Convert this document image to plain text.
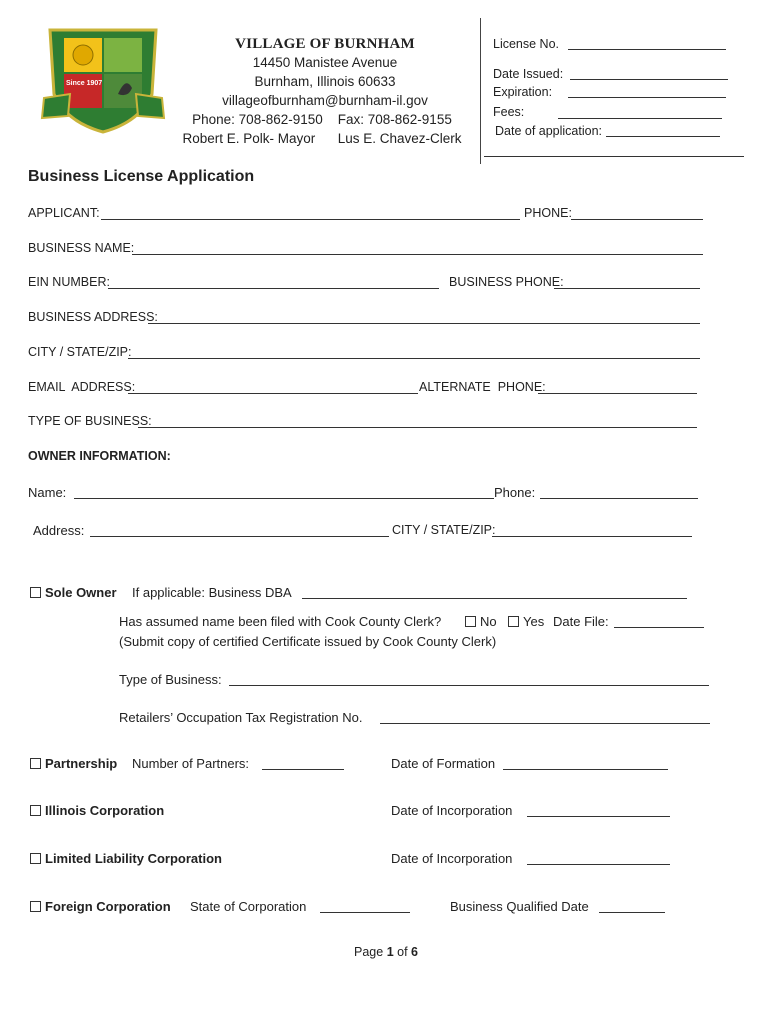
Since 1907
VILLAGE OF BURNHAM
14450 Manistee Avenue
Burnham, Illinois 60633
villageofburnham@burnham-il.gov
Phone: 708-862-9150    Fax: 708-862-9155
Robert E. Polk- Mayor      Lus E. Chavez-Clerk
License No.
Date Issued:
Expiration:
Fees:
Date of application:
Business License Application
APPLICANT:	PHONE:
BUSINESS NAME:
EIN NUMBER:	BUSINESS PHONE:
BUSINESS ADDRESS:
CITY / STATE/ZIP:
EMAIL  ADDRESS:	ALTERNATE  PHONE:
TYPE OF BUSINESS:
OWNER INFORMATION:
Name:	Phone:
Address:	CITY / STATE/ZIP:
Sole Owner If applicable: Business DBA
Has assumed name been filed with Cook County Clerk?	No	Yes Date File:
(Submit copy of certified Certificate issued by Cook County Clerk)
Type of Business:
Retailers’ Occupation Tax Registration No.
Partnership Number of Partners:	Date of Formation
Illinois Corporation	Date of Incorporation
Limited Liability Corporation	Date of Incorporation
Foreign Corporation State of Corporation	Business Qualified Date
Page 1 of 6
